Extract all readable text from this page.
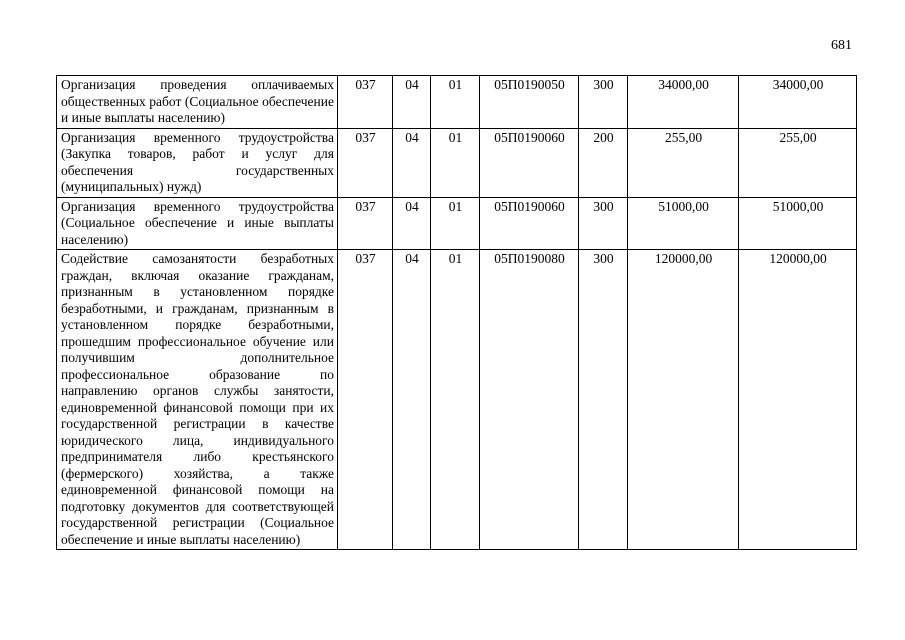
681
Организация проведения оплачиваемых общественных работ (Социальное обеспечение и иные выплаты населению)	037	04	01	05П0190050	300	34000,00	34000,00
Организация временного трудоустройства (Закупка товаров, работ и услуг для обеспечения государственных (муниципальных) нужд)	037	04	01	05П0190060	200	255,00	255,00
Организация временного трудоустройства (Социальное обеспечение и иные выплаты населению)	037	04	01	05П0190060	300	51000,00	51000,00
Содействие самозанятости безработных граждан, включая оказание гражданам, признанным в установленном порядке безработными, и гражданам, признанным в установленном порядке безработными, прошедшим профессиональное обучение или получившим дополнительное профессиональное образование по направлению органов службы занятости, единовременной финансовой помощи при их государственной регистрации в качестве юридического лица, индивидуального предпринимателя либо крестьянского (фермерского) хозяйства, а также единовременной финансовой помощи на подготовку документов для соответствующей государственной регистрации (Социальное обеспечение и иные выплаты населению)	037	04	01	05П0190080	300	120000,00	120000,00
